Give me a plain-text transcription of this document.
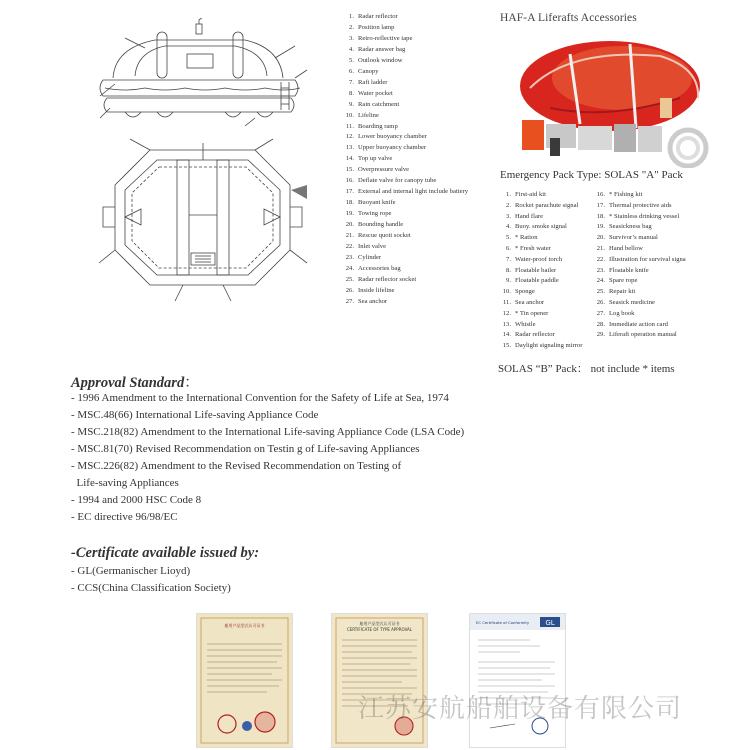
1. Radar reflector
2. Position lamp
3. Retro-reflective tape
4. Radar answer bag
5. Outlook window
6. Canopy
7. Raft ladder
8. Water pocket
9. Rain catchment
10. Lifeline
11. Boarding ramp
12. Lower buoyancy chamber
13. Upper buoyancy chamber
14. Top up valve
15. Overpressure valve
16. Deflate valve for canopy tube
17. External and internal light include battery
18. Buoyant knife
19. Towing rope
20. Bounding handle
21. Rescue quoit socket
22. Inlet valve
23. Cylinder
24. Accessories bag
25. Radar reflector socket
26. Inside lifeline
27. Sea anchor
HAF-A Liferafts Accessories
Emergency Pack Type: SOLAS "A" Pack
1. First-aid kit
2. Rocket parachute signal
3. Hand flare
4. Buoy. smoke signal
5. * Ration
6. * Fresh water
7. Water-proof torch
8. Floatable bailer
9. Floatable paddle
10. Sponge
11. Sea anchor
12. * Tin opener
13. Whistle
14. Radar reflector
15. Daylight signaling mirror
16. * Fishing kit
17. Thermal protective aids
18. * Stainless drinking vessel
19. Seasickness bag
20. Survivor’s manual
21. Hand bellow
22. Illustration for survival signa
23. Floatable knife
24. Spare rope
25. Repair kit
26. Seasick medicine
27. Log book
28. Immediate action card
29. Liferaft operation manual
SOLAS “B” Pack： not include * items
Approval Standard：
- 1996 Amendment to the International Convention for the Safety of Life at Sea, 1974
- MSC.48(66) International Life-saving Appliance Code
- MSC.218(82) Amendment to the International Life-saving Appliance Code (LSA Code)
- MSC.81(70) Revised Recommendation on Testin g of Life-saving Appliances
- MSC.226(82) Amendment to the Revised Recommendation on Testing of
Life-saving Appliances
- 1994 and 2000 HSC Code 8
- EC directive 96/98/EC
-Certificate available issued by:
- GL(Germanischer Lioyd)
- CCS(China Classification Society)
船用产品型式认可证书	船用产品型式认可证书
CERTIFICATE OF TYPE APPROVAL
EC Certificate of Conformity GL
江苏安航船舶设备有限公司
